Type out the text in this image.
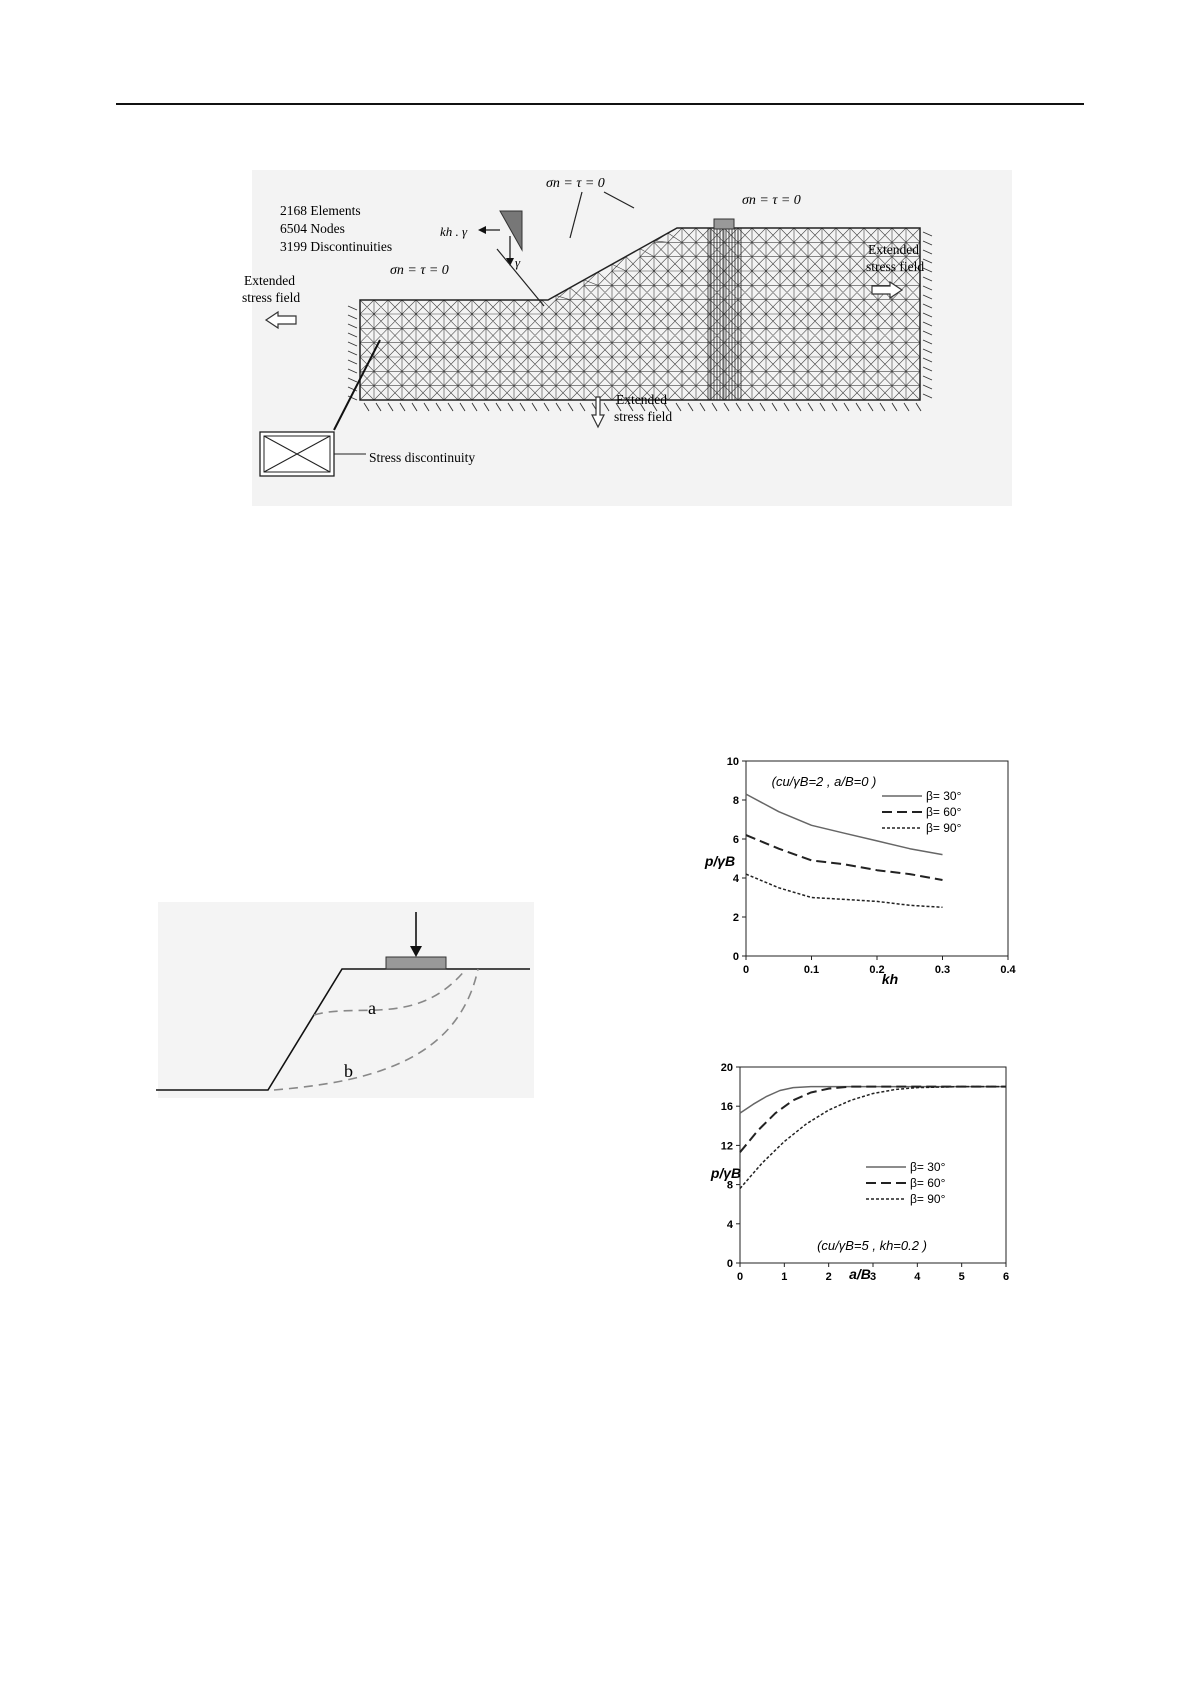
2168 Elements
6504 Nodes
3199 Discontinuities
kh . γ
γ
σn = τ = 0
σn = τ = 0
σn = τ = 0
Extended
stress field
Extended
stress field
Extended
stress field
Stress discontinuity
a
b
0	0.1	0.2	0.3	0.4
0
2
4
6
8
10
kh
p/γB
(cu/γB=2 , a/B=0 )
β= 30°
β= 60°
β= 90°
0	1	2	3	4	5	6
0
4
8
12
16
20
a/B
p/γB
(cu/γB=5 , kh=0.2 )
β= 30°
β= 60°
β= 90°
